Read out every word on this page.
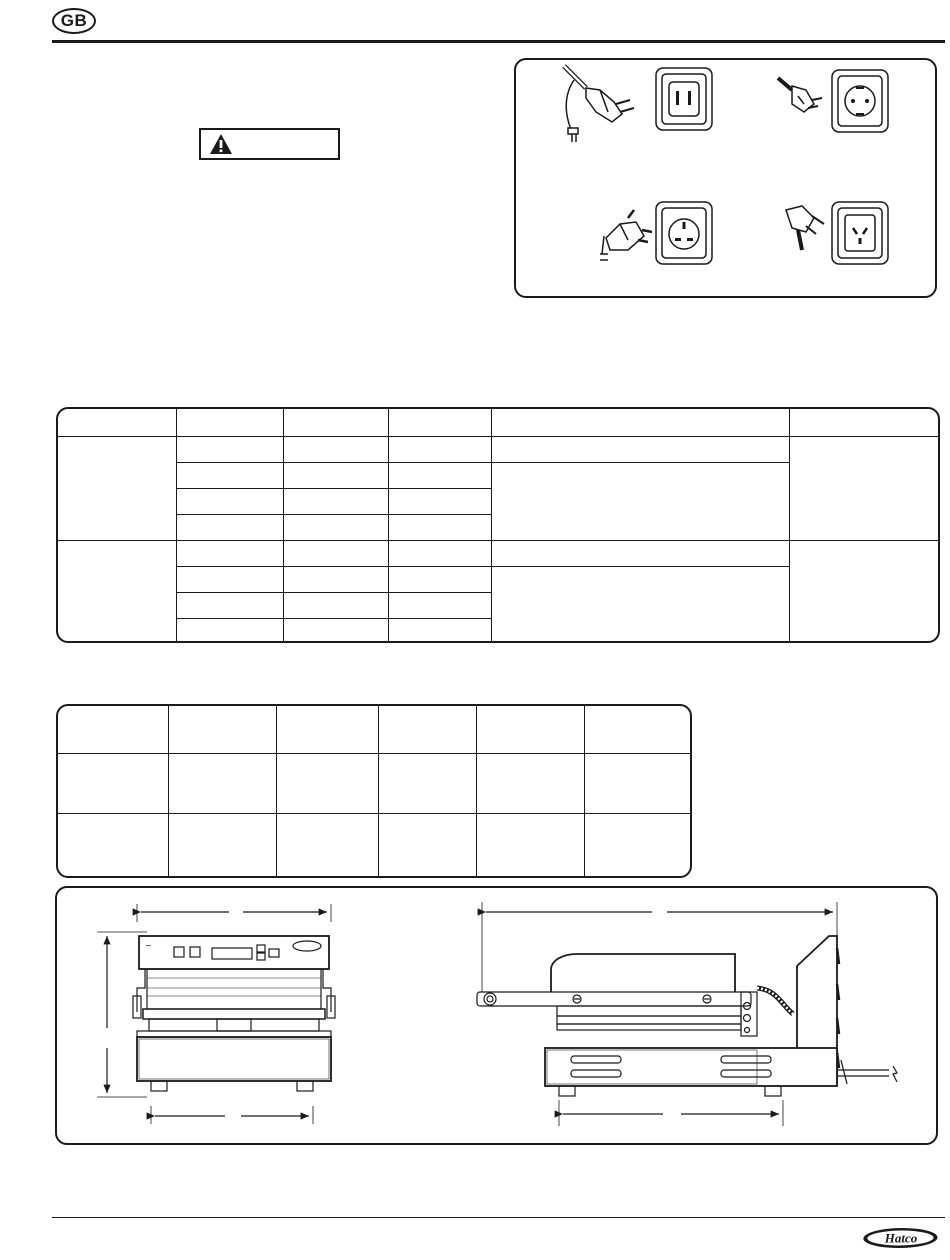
GB

∼
Hatco
